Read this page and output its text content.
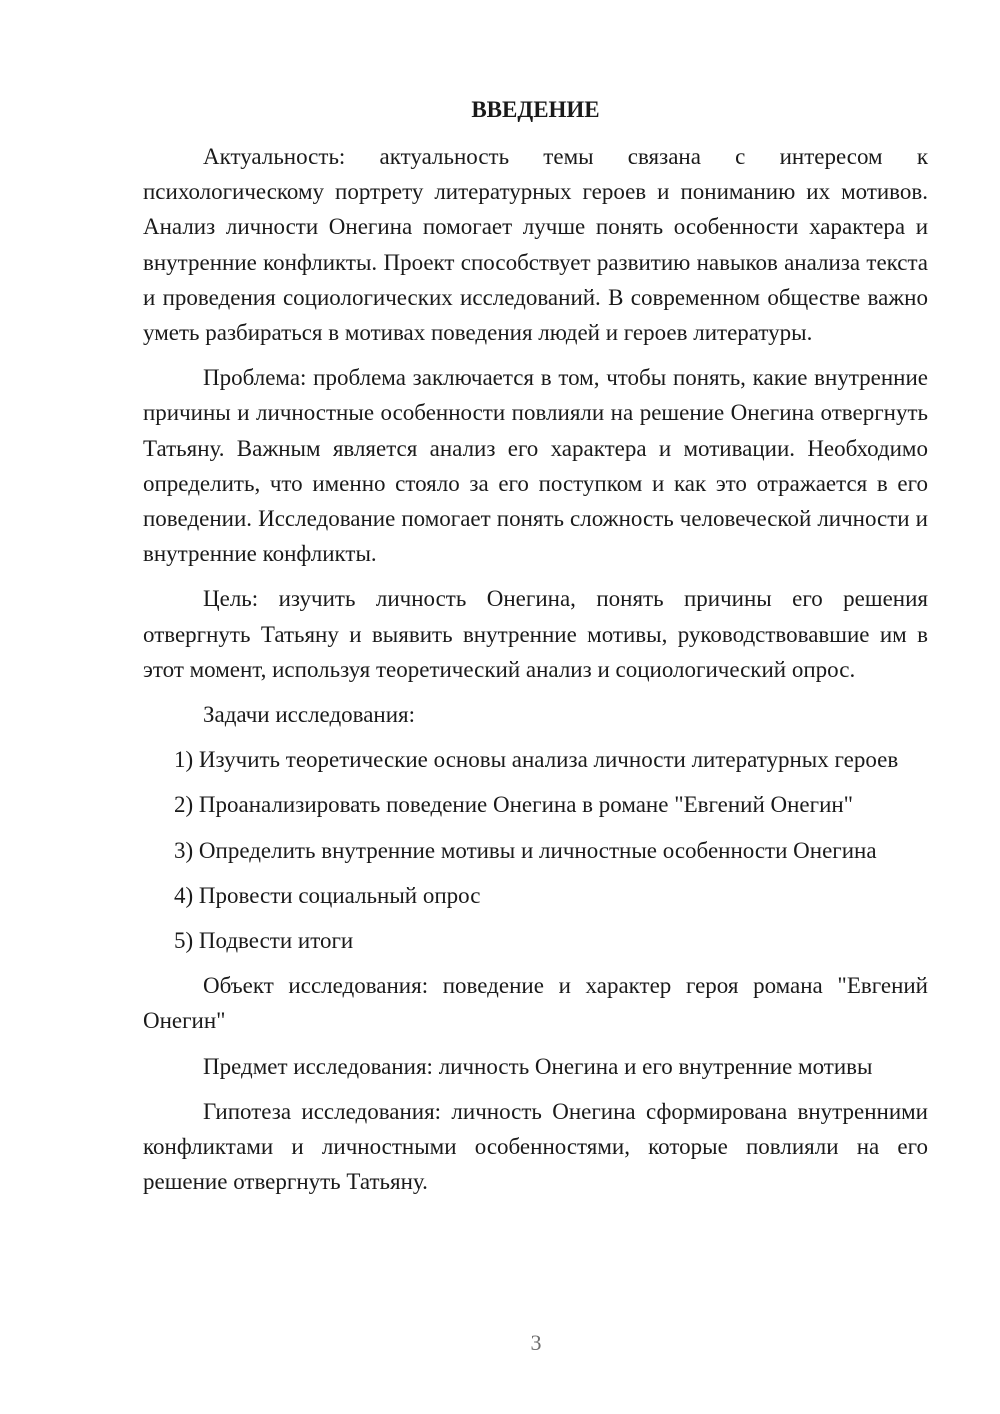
ВВЕДЕНИЕ

Актуальность: актуальность темы связана с интересом к психологическому портрету литературных героев и пониманию их мотивов. Анализ личности Онегина помогает лучше понять особенности характера и внутренние конфликты. Проект способствует развитию навыков анализа текста и проведения социологических исследований. В современном обществе важно уметь разбираться в мотивах поведения людей и героев литературы.

Проблема: проблема заключается в том, чтобы понять, какие внутренние причины и личностные особенности повлияли на решение Онегина отвергнуть Татьяну. Важным является анализ его характера и мотивации. Необходимо определить, что именно стояло за его поступком и как это отражается в его поведении. Исследование помогает понять сложность человеческой личности и внутренние конфликты.

Цель: изучить личность Онегина, понять причины его решения отвергнуть Татьяну и выявить внутренние мотивы, руководствовавшие им в этот момент, используя теоретический анализ и социологический опрос.

Задачи исследования:

1) Изучить теоретические основы анализа личности литературных героев

2) Проанализировать поведение Онегина в романе "Евгений Онегин"

3) Определить внутренние мотивы и личностные особенности Онегина

4) Провести социальный опрос

5) Подвести итоги

Объект исследования: поведение и характер героя романа "Евгений Онегин"

Предмет исследования: личность Онегина и его внутренние мотивы

Гипотеза исследования: личность Онегина сформирована внутренними конфликтами и личностными особенностями, которые повлияли на его решение отвергнуть Татьяну.

3
